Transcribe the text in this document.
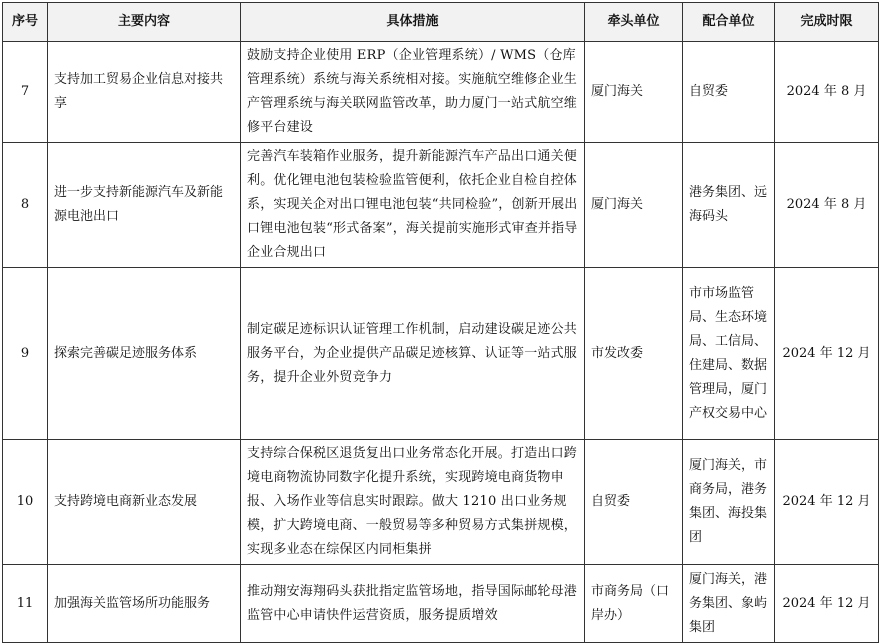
序号	主要内容	具体措施	牵头单位	配合单位	完成时限
7	支持加工贸易企业信息对接共享	鼓励支持企业使用 ERP（企业管理系统）/ WMS（仓库管理系统）系统与海关系统相对接。实施航空维修企业生产管理系统与海关联网监管改革，助力厦门一站式航空维修平台建设	厦门海关	自贸委	2024 年 8 月
8	进一步支持新能源汽车及新能源电池出口	完善汽车装箱作业服务，提升新能源汽车产品出口通关便利。优化锂电池包装检验监管便利，依托企业自检自控体系，实现关企对出口锂电池包装“共同检验”，创新开展出口锂电池包装“形式备案”，海关提前实施形式审查并指导企业合规出口	厦门海关	港务集团、远海码头	2024 年 8 月
9	探索完善碳足迹服务体系	制定碳足迹标识认证管理工作机制，启动建设碳足迹公共服务平台，为企业提供产品碳足迹核算、认证等一站式服务，提升企业外贸竞争力	市发改委	市市场监管局、生态环境局、工信局、住建局、数据管理局，厦门产权交易中心	2024 年 12 月
10	支持跨境电商新业态发展	支持综合保税区退货复出口业务常态化开展。打造出口跨境电商物流协同数字化提升系统，实现跨境电商货物申报、入场作业等信息实时跟踪。做大 1210 出口业务规模，扩大跨境电商、一般贸易等多种贸易方式集拼规模，实现多业态在综保区内同柜集拼	自贸委	厦门海关，市商务局，港务集团、海投集团	2024 年 12 月
11	加强海关监管场所功能服务	推动翔安海翔码头获批指定监管场地，指导国际邮轮母港监管中心申请快件运营资质，服务提质增效	市商务局（口岸办）	厦门海关，港务集团、象屿集团	2024 年 12 月
